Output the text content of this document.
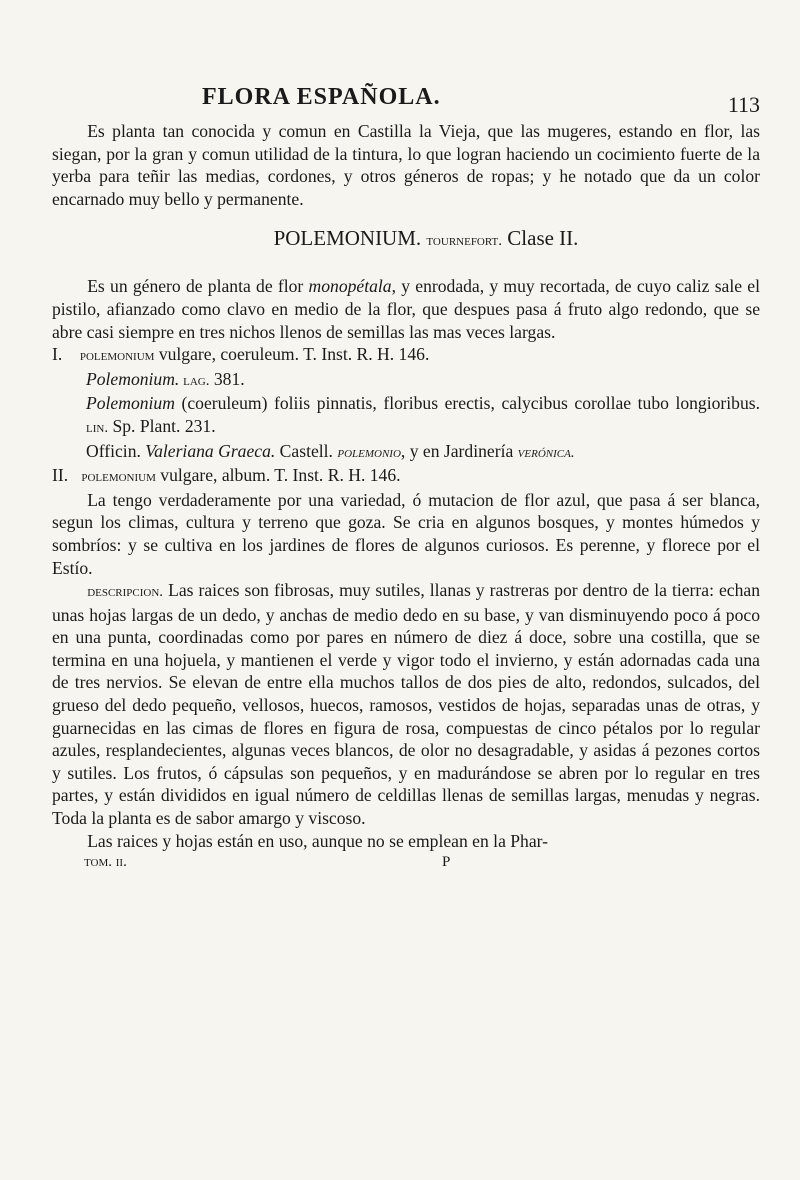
FLORA ESPAÑOLA.	113

Es planta tan conocida y comun en Castilla la Vieja, que las mugeres, estando en flor, las siegan, por la gran y comun utilidad de la tintura, lo que logran haciendo un cocimiento fuerte de la yerba para teñir las medias, cordones, y otros géneros de ropas; y he notado que da un color encarnado muy bello y permanente.

POLEMONIUM. tournefort. Clase II.

Es un género de planta de flor monopétala, y enrodada, y muy recortada, de cuyo caliz sale el pistilo, afianzado como clavo en medio de la flor, que despues pasa á fruto algo redondo, que se abre casi siempre en tres nichos llenos de semillas las mas veces largas.

I. polemonium vulgare, coeruleum. T. Inst. R. H. 146.

Polemonium. lag. 381.

Polemonium (coeruleum) foliis pinnatis, floribus erectis, calycibus corollae tubo longioribus. lin. Sp. Plant. 231.

Officin. Valeriana Graeca. Castell. polemonio, y en Jardinería verónica.

II. polemonium vulgare, album. T. Inst. R. H. 146.

La tengo verdaderamente por una variedad, ó mutacion de flor azul, que pasa á ser blanca, segun los climas, cultura y terreno que goza. Se cria en algunos bosques, y montes húmedos y sombríos: y se cultiva en los jardines de flores de algunos curiosos. Es perenne, y florece por el Estío.

descripcion. Las raices son fibrosas, muy sutiles, llanas y rastreras por dentro de la tierra: echan unas hojas largas de un dedo, y anchas de medio dedo en su base, y van disminuyendo poco á poco en una punta, coordinadas como por pares en número de diez á doce, sobre una costilla, que se termina en una hojuela, y mantienen el verde y vigor todo el invierno, y están adornadas cada una de tres nervios. Se elevan de entre ella muchos tallos de dos pies de alto, redondos, sulcados, del grueso del dedo pequeño, vellosos, huecos, ramosos, vestidos de hojas, separadas unas de otras, y guarnecidas en las cimas de flores en figura de rosa, compuestas de cinco pétalos por lo regular azules, resplandecientes, algunas veces blancos, de olor no desagradable, y asidas á pezones cortos y sutiles. Los frutos, ó cápsulas son pequeños, y en madurándose se abren por lo regular en tres partes, y están divididos en igual número de celdillas llenas de semillas largas, menudas y negras. Toda la planta es de sabor amargo y viscoso.

Las raices y hojas están en uso, aunque no se emplean en la Phar-

tom. ii.	P
